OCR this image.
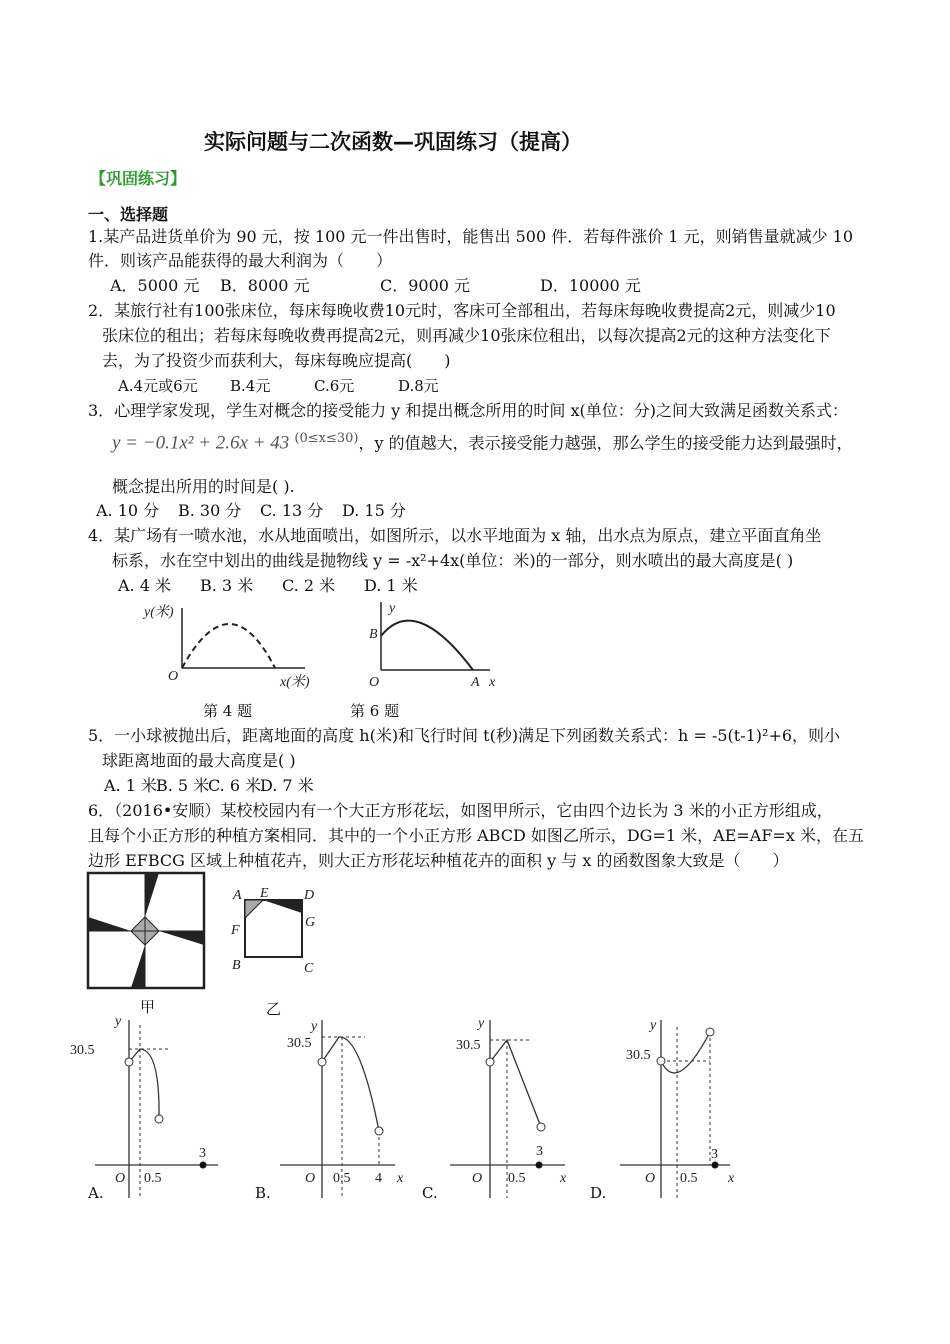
实际问题与二次函数—巩固练习（提高）
【巩固练习】
一、选择题
1.某产品进货单价为 90 元，按 100 元一件出售时，能售出 500 件．若每件涨价 1 元，则销售量就减少 10
件．则该产品能获得的最大利润为（　　）
A．5000 元 B．8000 元	C．9000 元	D．10000 元
2．某旅行社有100张床位，每床每晚收费10元时，客床可全部租出，若每床每晚收费提高2元，则减少10
张床位的租出；若每床每晚收费再提高2元，则再减少10张床位租出，以每次提高2元的这种方法变化下
去，为了投资少而获利大，每床每晚应提高(　　)
A.4元或6元 B.4元	C.6元	D.8元
3．心理学家发现，学生对概念的接受能力 y 和提出概念所用的时间 x(单位：分)之间大致满足函数关系式：
y = −0.1x² + 2.6x + 43 $^{(0\le x\le 30)}$，y 的值越大，表示接受能力越强，那么学生的接受能力达到最强时，
概念提出所用的时间是( ).
A. 10 分 B. 30 分 C. 13 分 D. 15 分
4．某广场有一喷水池，水从地面喷出，如图所示，以水平地面为 x 轴，出水点为原点，建立平面直角坐
标系，水在空中划出的曲线是抛物线 y = -x²+4x(单位：米)的一部分，则水喷出的最大高度是( )
A. 4 米 B. 3 米 C. 2 米 D. 1 米
y(米)
x(米)
O
y
B
O	A x
第 4 题	第 6 题
5．一小球被抛出后，距离地面的高度 h(米)和飞行时间 t(秒)满足下列函数关系式：h = -5(t-1)²+6，则小
球距离地面的最大高度是( )
A. 1 米B. 5 米C. 6 米D. 7 米
6．（2016•安顺）某校校园内有一个大正方形花坛，如图甲所示，它由四个边长为 3 米的小正方形组成，
且每个小正方形的种植方案相同．其中的一个小正方形 ABCD 如图乙所示，DG=1 米，AE=AF=x 米，在五
边形 EFBCG 区域上种植花卉，则大正方形花坛种植花卉的面积 y 与 x 的函数图象大致是（　　）
A E	D
G
F
B	C
甲	乙
30.5
y
O 0.5
3
30.5
y
O 0.5 4 x
30.5
y
O 0.5
3
x
30.5
y
O 0.5
3
x
A.	B.	C.	D.
